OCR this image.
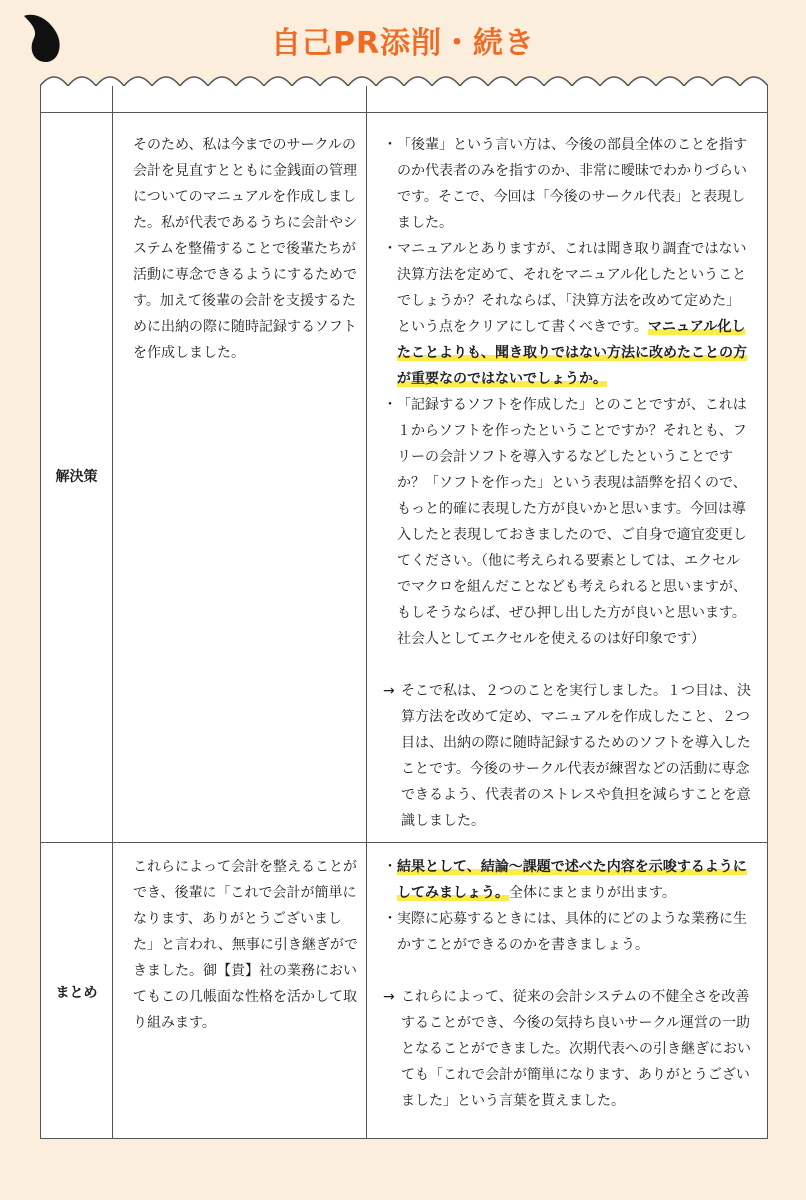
自己PR添削・続き
解決策

そのため、私は今までのサークルの会計を見直すとともに金銭面の管理についてのマニュアルを作成しました。私が代表であるうちに会計やシステムを整備することで後輩たちが活動に専念できるようにするためです。加えて後輩の会計を支援するために出納の際に随時記録するソフトを作成しました。

・ 「後輩」という言い方は、今後の部員全体のことを指すのか代表者のみを指すのか、非常に曖昧でわかりづらいです。そこで、今回は「今後のサークル代表」と表現しました。

・ マニュアルとありますが、これは聞き取り調査ではない決算方法を定めて、それをマニュアル化したということでしょうか？それならば、「決算方法を改めて定めた」という点をクリアにして書くべきです。マニュアル化したことよりも、聞き取りではない方法に改めたことの方が重要なのではないでしょうか。

・ 「記録するソフトを作成した」とのことですが、これは１からソフトを作ったということですか？それとも、フリーの会計ソフトを導入するなどしたということですか？「ソフトを作った」という表現は語弊を招くので、もっと的確に表現した方が良いかと思います。今回は導入したと表現しておきましたので、ご自身で適宜変更してください。（他に考えられる要素としては、エクセルでマクロを組んだことなども考えられると思いますが、もしそうならば、ぜひ押し出した方が良いと思います。社会人としてエクセルを使えるのは好印象です）

→ そこで私は、２つのことを実行しました。１つ目は、決算方法を改めて定め、マニュアルを作成したこと、２つ目は、出納の際に随時記録するためのソフトを導入したことです。今後のサークル代表が練習などの活動に専念できるよう、代表者のストレスや負担を減らすことを意識しました。

まとめ

これらによって会計を整えることができ、後輩に「これで会計が簡単になります、ありがとうございました」と言われ、無事に引き継ぎができました。御【貴】社の業務においてもこの几帳面な性格を活かして取り組みます。

・ 結果として、結論～課題で述べた内容を示唆するようにしてみましょう。全体にまとまりが出ます。

・ 実際に応募するときには、具体的にどのような業務に生かすことができるのかを書きましょう。

→ これらによって、従来の会計システムの不健全さを改善することができ、今後の気持ち良いサークル運営の一助となることができました。次期代表への引き継ぎにおいても「これで会計が簡単になります、ありがとうございました」という言葉を貰えました。
